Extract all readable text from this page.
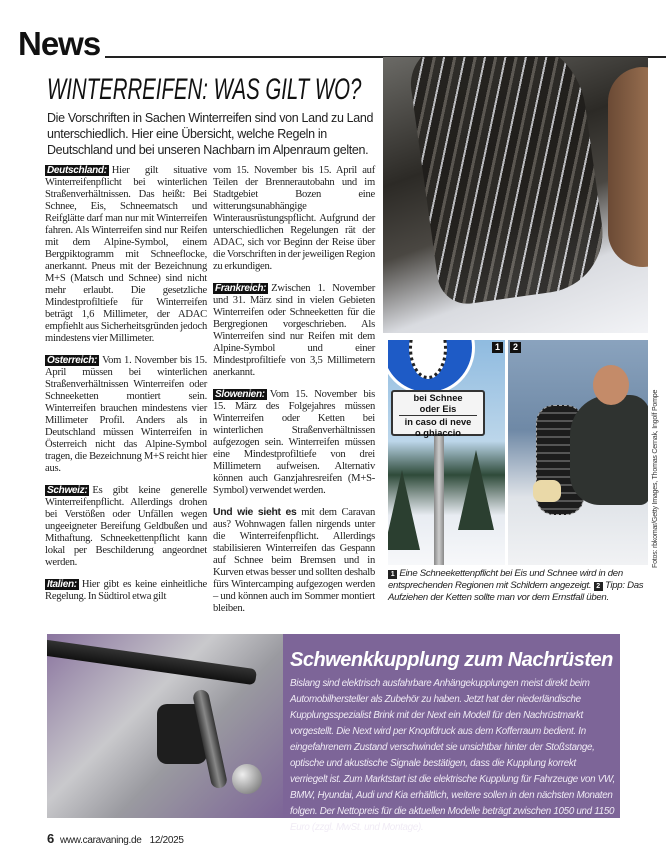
News
WINTERREIFEN: WAS GILT WO?

Die Vorschriften in Sachen Winterreifen sind von Land zu Land unterschiedlich. Hier eine Übersicht, welche Regeln in Deutschland und bei unseren Nachbarn im Alpenraum gelten.

Deutschland: Hier gilt situative Winterreifenpflicht bei winterlichen Straßenverhältnissen. Das heißt: Bei Schnee, Eis, Schneematsch und Reifglätte darf man nur mit Winterreifen fahren. Als Winterreifen sind nur Reifen mit dem Alpine-Symbol, einem Bergpiktogramm mit Schneeflocke, anerkannt. Pneus mit der Bezeichnung M+S (Matsch und Schnee) sind nicht mehr erlaubt. Die gesetzliche Mindestprofiltiefe für Winterreifen beträgt 1,6 Millimeter, der ADAC empfiehlt aus Sicherheitsgründen jedoch mindestens vier Millimeter.

Österreich: Vom 1. November bis 15. April müssen bei winterlichen Straßenverhältnissen Winterreifen oder Schneeketten montiert sein. Winterreifen brauchen mindestens vier Millimeter Profil. Anders als in Deutschland müssen Winterreifen in Österreich nicht das Alpine-Symbol tragen, die Bezeichnung M+S reicht hier aus.

Schweiz: Es gibt keine generelle Winterreifenpflicht. Allerdings drohen bei Verstößen oder Unfällen wegen ungeeigneter Bereifung Geldbußen und Mithaftung. Schneekettenpflicht kann lokal per Beschilderung angeordnet werden.

Italien: Hier gibt es keine einheitliche Regelung. In Südtirol etwa gilt

vom 15. November bis 15. April auf Teilen der Brennerautobahn und im Stadtgebiet Bozen eine witterungsunabhängige Winterausrüstungspflicht. Aufgrund der unterschiedlichen Regelungen rät der ADAC, sich vor Beginn der Reise über die Vorschriften in der jeweiligen Region zu erkundigen.

Frankreich: Zwischen 1. November und 31. März sind in vielen Gebieten Winterreifen oder Schneeketten für die Bergregionen vorgeschrieben. Als Winterreifen sind nur Reifen mit dem Alpine-Symbol und einer Mindestprofiltiefe von 3,5 Millimetern anerkannt.

Slowenien: Vom 15. November bis 15. März des Folgejahres müssen Winterreifen oder Ketten bei winterlichen Straßenverhältnissen aufgezogen sein. Winterreifen müssen eine Mindestprofiltiefe von drei Millimetern aufweisen. Alternativ können auch Ganzjahresreifen (M+S-Symbol) verwendet werden.

Und wie sieht es mit dem Caravan aus? Wohnwagen fallen nirgends unter die Winterreifenpflicht. Allerdings stabilisieren Winterreifen das Gespann auf Schnee beim Bremsen und in Kurven etwas besser und sollten deshalb fürs Wintercamping aufgezogen werden – und können auch im Sommer montiert bleiben.

bei Schnee
oder Eis
in caso di neve
o ghiaccio
1	2
1 Eine Schneekettenpflicht bei Eis und Schnee wird in den entsprechenden Regionen mit Schildern angezeigt. 2 Tipp: Das Aufziehen der Ketten sollte man vor dem Ernstfall üben.
Fotos: rbkomar/Getty Images, Thomas Cernak, Ingolf Pompe
Schwenkkupplung zum Nachrüsten

Bislang sind elektrisch ausfahrbare Anhängekupplungen meist direkt beim Automobilhersteller als Zubehör zu haben. Jetzt hat der niederländische Kupplungsspezialist Brink mit der Next ein Modell für den Nachrüstmarkt vorgestellt. Die Next wird per Knopfdruck aus dem Kofferraum bedient. In eingefahrenem Zustand verschwindet sie unsichtbar hinter der Stoßstange, optische und akustische Signale bestätigen, dass die Kupplung korrekt verriegelt ist. Zum Marktstart ist die elektrische Kupplung für Fahrzeuge von VW, BMW, Hyundai, Audi und Kia erhältlich, weitere sollen in den nächsten Monaten folgen. Der Nettopreis für die aktuellen Modelle beträgt zwischen 1050 und 1150 Euro (zzgl. MwSt. und Montage).

6 www.caravaning.de 12/2025
